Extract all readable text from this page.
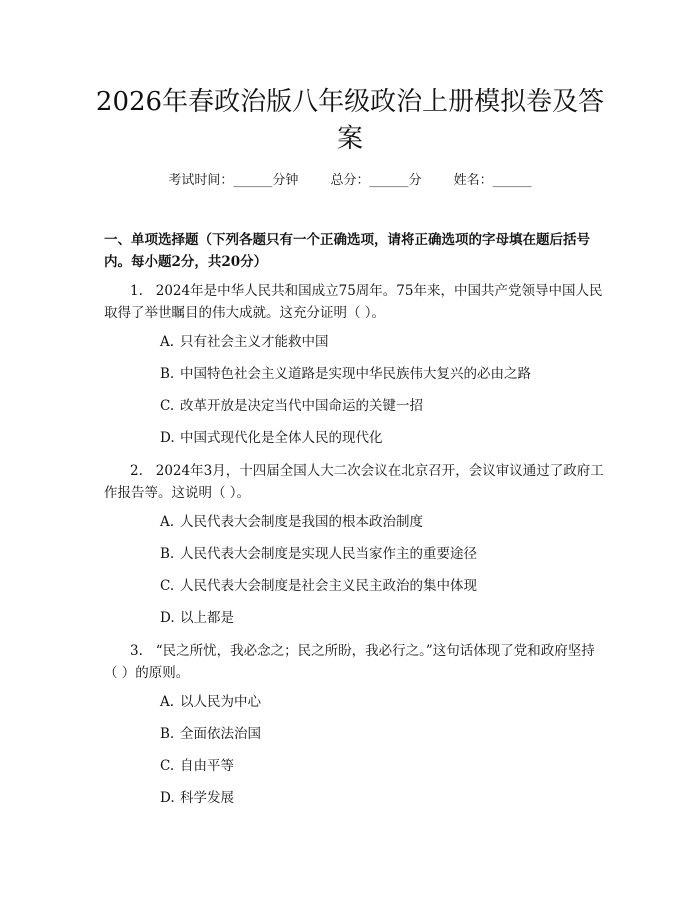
2026年春政治版八年级政治上册模拟卷及答案
考试时间：______分钟 总分：______分 姓名：______

一、单项选择题（下列各题只有一个正确选项，请将正确选项的字母填在题后括号内。每小题2分，共20分）

1.   2024年是中华人民共和国成立75周年。75年来，中国共产党领导中国人民取得了举世瞩目的伟大成就。这充分证明（ ）。

A. 只有社会主义才能救中国
B. 中国特色社会主义道路是实现中华民族伟大复兴的必由之路
C. 改革开放是决定当代中国命运的关键一招
D. 中国式现代化是全体人民的现代化

2.   2024年3月，十四届全国人大二次会议在北京召开，会议审议通过了政府工作报告等。这说明（ ）。

A. 人民代表大会制度是我国的根本政治制度
B. 人民代表大会制度是实现人民当家作主的重要途径
C. 人民代表大会制度是社会主义民主政治的集中体现
D. 以上都是

3.   “民之所忧，我必念之；民之所盼，我必行之。”这句话体现了党和政府坚持（ ）的原则。

A. 以人民为中心
B. 全面依法治国
C. 自由平等
D. 科学发展
